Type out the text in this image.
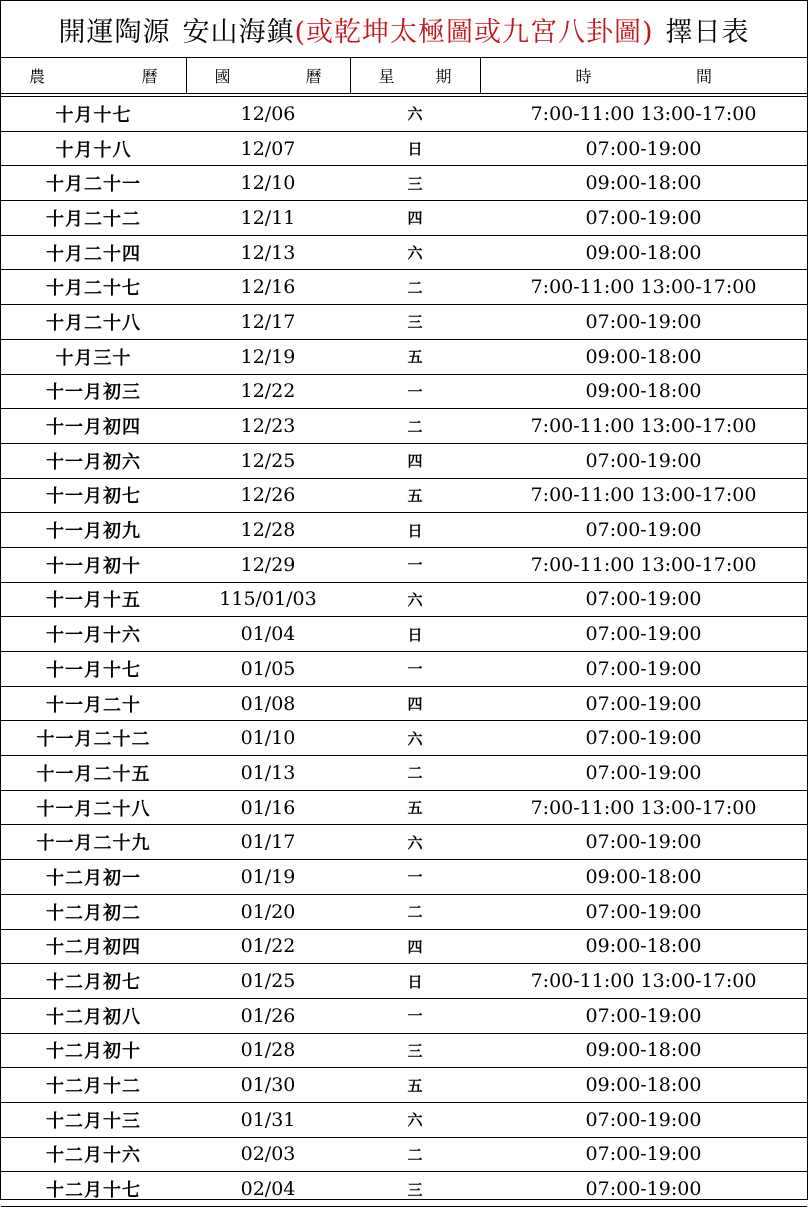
開運陶源 安山海鎮 (或乾坤太極圖或九宮八卦圖) 擇日表
農 曆	國 曆	星 期	時 間

十月十七	12/06	六	7:00-11:00 13:00-17:00
十月十八	12/07	日	07:00-19:00
十月二十一	12/10	三	09:00-18:00
十月二十二	12/11	四	07:00-19:00
十月二十四	12/13	六	09:00-18:00
十月二十七	12/16	二	7:00-11:00 13:00-17:00
十月二十八	12/17	三	07:00-19:00
十月三十	12/19	五	09:00-18:00
十一月初三	12/22	一	09:00-18:00
十一月初四	12/23	二	7:00-11:00 13:00-17:00
十一月初六	12/25	四	07:00-19:00
十一月初七	12/26	五	7:00-11:00 13:00-17:00
十一月初九	12/28	日	07:00-19:00
十一月初十	12/29	一	7:00-11:00 13:00-17:00
十一月十五	115/01/03	六	07:00-19:00
十一月十六	01/04	日	07:00-19:00
十一月十七	01/05	一	07:00-19:00
十一月二十	01/08	四	07:00-19:00
十一月二十二	01/10	六	07:00-19:00
十一月二十五	01/13	二	07:00-19:00
十一月二十八	01/16	五	7:00-11:00 13:00-17:00
十一月二十九	01/17	六	07:00-19:00
十二月初一	01/19	一	09:00-18:00
十二月初二	01/20	二	07:00-19:00
十二月初四	01/22	四	09:00-18:00
十二月初七	01/25	日	7:00-11:00 13:00-17:00
十二月初八	01/26	一	07:00-19:00
十二月初十	01/28	三	09:00-18:00
十二月十二	01/30	五	09:00-18:00
十二月十三	01/31	六	07:00-19:00
十二月十六	02/03	二	07:00-19:00
十二月十七	02/04	三	07:00-19:00
